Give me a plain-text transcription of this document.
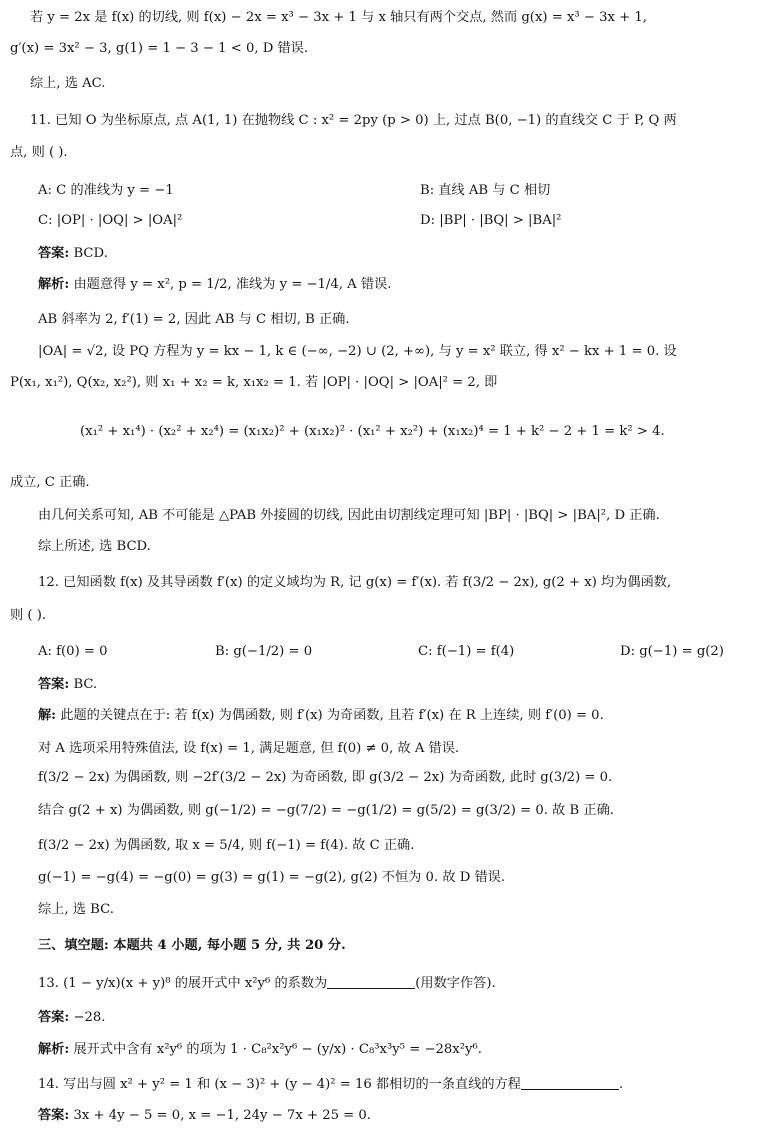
若 y = 2x 是 f(x) 的切线, 则 f(x) − 2x = x³ − 3x + 1 与 x 轴只有两个交点, 然而 g(x) = x³ − 3x + 1,
g′(x) = 3x² − 3, g(1) = 1 − 3 − 1 < 0, D 错误.
综上, 选 AC.
11. 已知 O 为坐标原点, 点 A(1, 1) 在抛物线 C : x² = 2py (p > 0) 上, 过点 B(0, −1) 的直线交 C 于 P, Q 两
点, 则 ( ).
A: C 的准线为 y = −1	B: 直线 AB 与 C 相切
C: |OP| · |OQ| > |OA|²	D: |BP| · |BQ| > |BA|²
答案: BCD.
解析: 由题意得 y = x², p = 1/2, 准线为 y = −1/4, A 错误.
AB 斜率为 2, f′(1) = 2, 因此 AB 与 C 相切, B 正确.
|OA| = √2, 设 PQ 方程为 y = kx − 1, k ∈ (−∞, −2) ∪ (2, +∞), 与 y = x² 联立, 得 x² − kx + 1 = 0. 设
P(x₁, x₁²), Q(x₂, x₂²), 则 x₁ + x₂ = k, x₁x₂ = 1. 若 |OP| · |OQ| > |OA|² = 2, 即
(x₁² + x₁⁴) · (x₂² + x₂⁴) = (x₁x₂)² + (x₁x₂)² · (x₁² + x₂²) + (x₁x₂)⁴ = 1 + k² − 2 + 1 = k² > 4.
成立, C 正确.
由几何关系可知, AB 不可能是 △PAB 外接圆的切线, 因此由切割线定理可知 |BP| · |BQ| > |BA|², D 正确.
综上所述, 选 BCD.
12. 已知函数 f(x) 及其导函数 f′(x) 的定义域均为 R, 记 g(x) = f′(x). 若 f(3/2 − 2x), g(2 + x) 均为偶函数,
则 ( ).
A: f(0) = 0	B: g(−1/2) = 0	C: f(−1) = f(4)	D: g(−1) = g(2)
答案: BC.
解: 此题的关键点在于: 若 f(x) 为偶函数, 则 f′(x) 为奇函数, 且若 f′(x) 在 R 上连续, 则 f′(0) = 0.
对 A 选项采用特殊值法, 设 f(x) = 1, 满足题意, 但 f(0) ≠ 0, 故 A 错误.
f(3/2 − 2x) 为偶函数, 则 −2f′(3/2 − 2x) 为奇函数, 即 g(3/2 − 2x) 为奇函数, 此时 g(3/2) = 0.
结合 g(2 + x) 为偶函数, 则 g(−1/2) = −g(7/2) = −g(1/2) = g(5/2) = g(3/2) = 0. 故 B 正确.
f(3/2 − 2x) 为偶函数, 取 x = 5/4, 则 f(−1) = f(4). 故 C 正确.
g(−1) = −g(4) = −g(0) = g(3) = g(1) = −g(2), g(2) 不恒为 0. 故 D 错误.
综上, 选 BC.
三、填空题: 本题共 4 小题, 每小题 5 分, 共 20 分.
13. (1 − y/x)(x + y)⁸ 的展开式中 x²y⁶ 的系数为	(用数字作答).
答案: −28.
解析: 展开式中含有 x²y⁶ 的项为 1 · C₈²x²y⁶ − (y/x) · C₈³x³y⁵ = −28x²y⁶.
14. 写出与圆 x² + y² = 1 和 (x − 3)² + (y − 4)² = 16 都相切的一条直线的方程	.
答案: 3x + 4y − 5 = 0, x = −1, 24y − 7x + 25 = 0.
